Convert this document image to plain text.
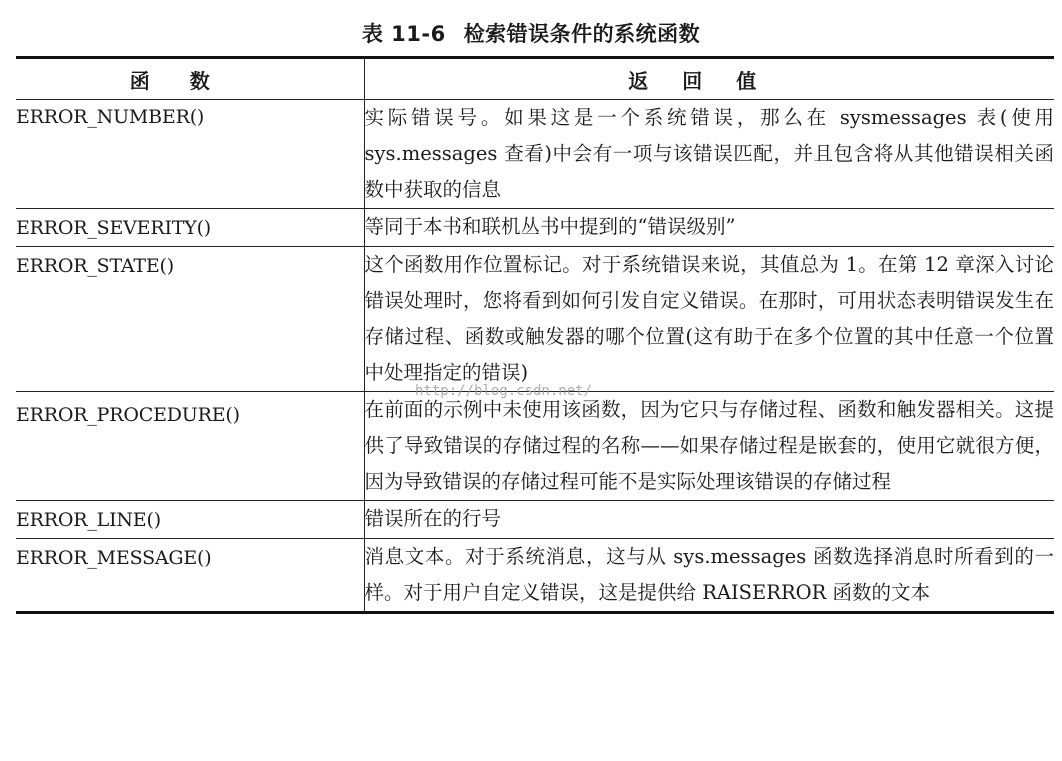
表 11-6 检索错误条件的系统函数
函数	返回值
ERROR_NUMBER()	实际错误号。如果这是一个系统错误，那么在 sysmessages 表(使用 sys.messages 查看)中会有一项与该错误匹配，并且包含将从其他错误相关函数中获取的信息
ERROR_SEVERITY()	等同于本书和联机丛书中提到的“错误级别”
ERROR_STATE()	这个函数用作位置标记。对于系统错误来说，其值总为 1。在第 12 章深入讨论错误处理时，您将看到如何引发自定义错误。在那时，可用状态表明错误发生在存储过程、函数或触发器的哪个位置(这有助于在多个位置的其中任意一个位置中处理指定的错误)
ERROR_PROCEDURE()	在前面的示例中未使用该函数，因为它只与存储过程、函数和触发器相关。这提供了导致错误的存储过程的名称——如果存储过程是嵌套的，使用它就很方便，因为导致错误的存储过程可能不是实际处理该错误的存储过程
ERROR_LINE()	错误所在的行号
ERROR_MESSAGE()	消息文本。对于系统消息，这与从 sys.messages 函数选择消息时所看到的一样。对于用户自定义错误，这是提供给 RAISERROR 函数的文本
http://blog.csdn.net/
